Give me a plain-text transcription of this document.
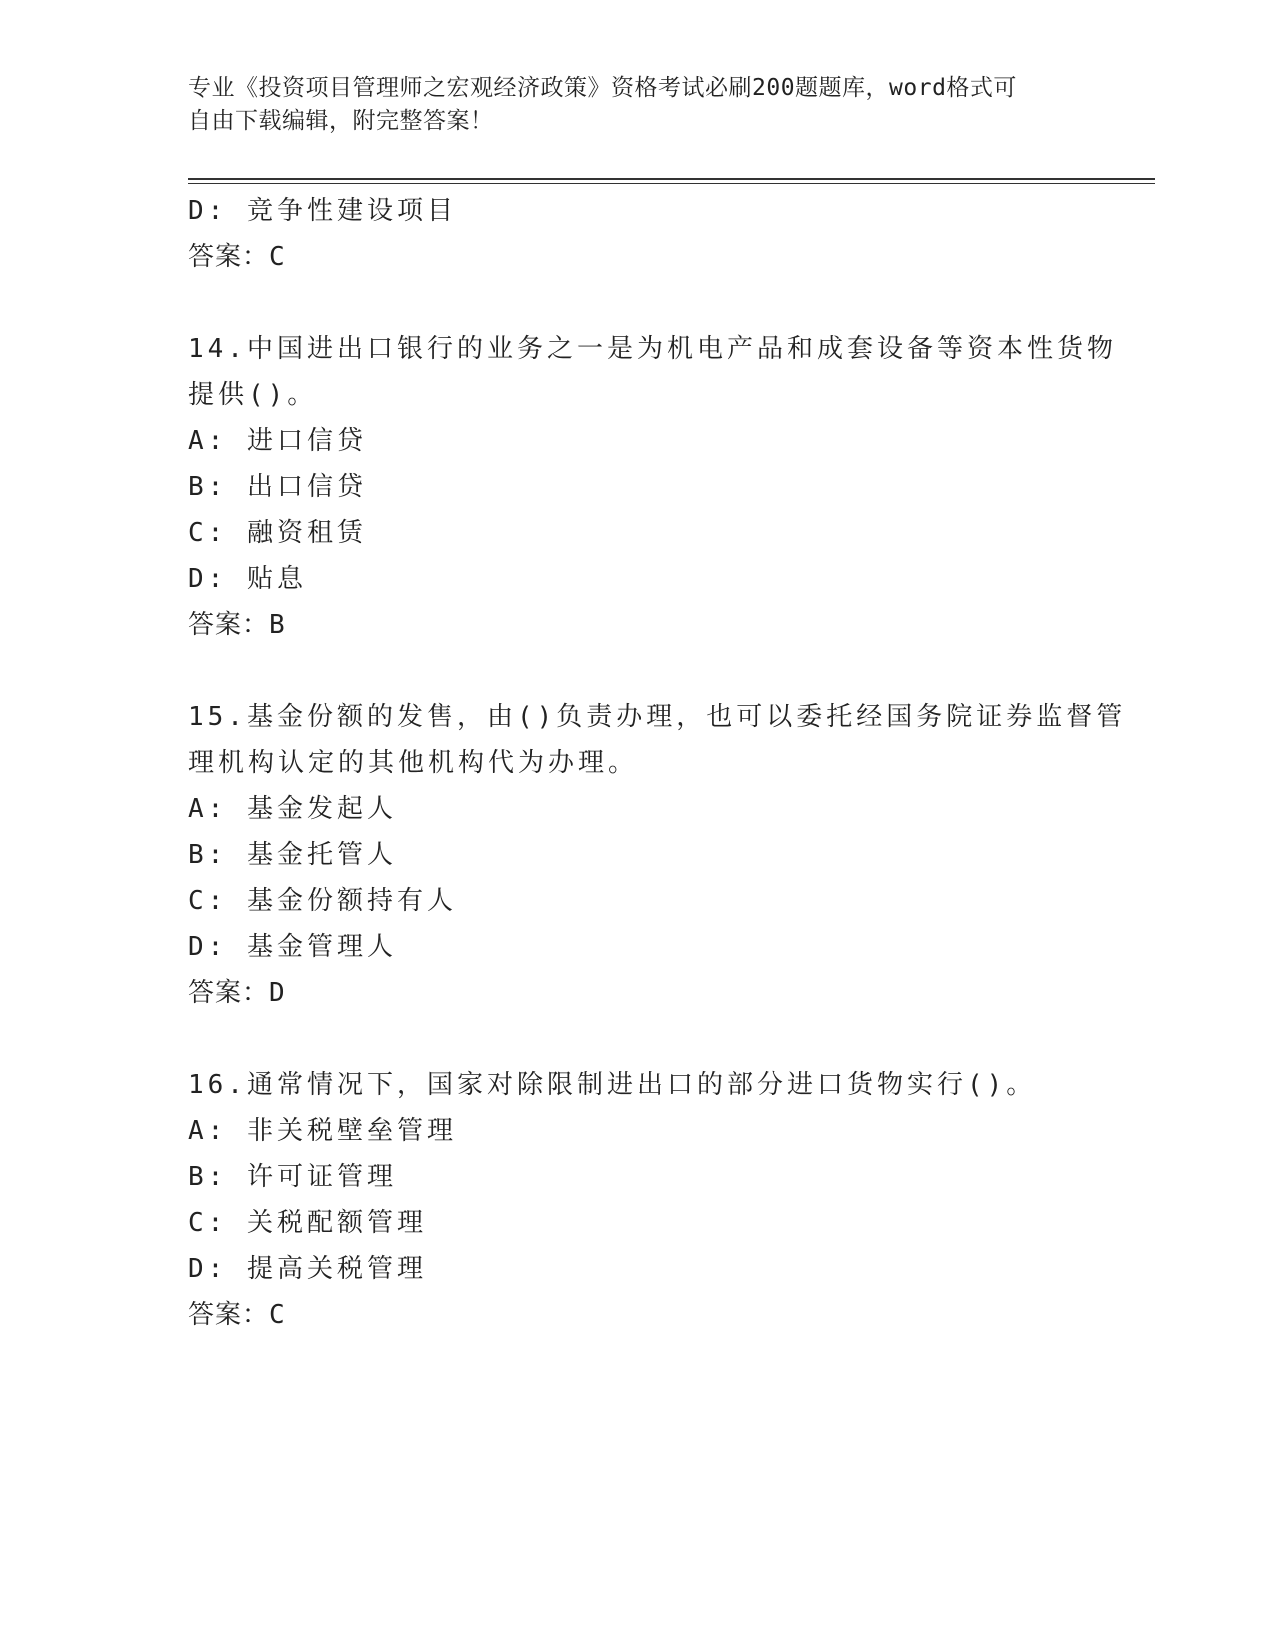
专业《投资项目管理师之宏观经济政策》资格考试必刷200题题库，word格式可
自由下载编辑，附完整答案！
D: 竞争性建设项目
答案：C
14.中国进出口银行的业务之一是为机电产品和成套设备等资本性货物
提供()。
A: 进口信贷
B: 出口信贷
C: 融资租赁
D: 贴息
答案：B
15.基金份额的发售，由()负责办理，也可以委托经国务院证券监督管
理机构认定的其他机构代为办理。
A: 基金发起人
B: 基金托管人
C: 基金份额持有人
D: 基金管理人
答案：D
16.通常情况下，国家对除限制进出口的部分进口货物实行()。
A: 非关税壁垒管理
B: 许可证管理
C: 关税配额管理
D: 提高关税管理
答案：C
